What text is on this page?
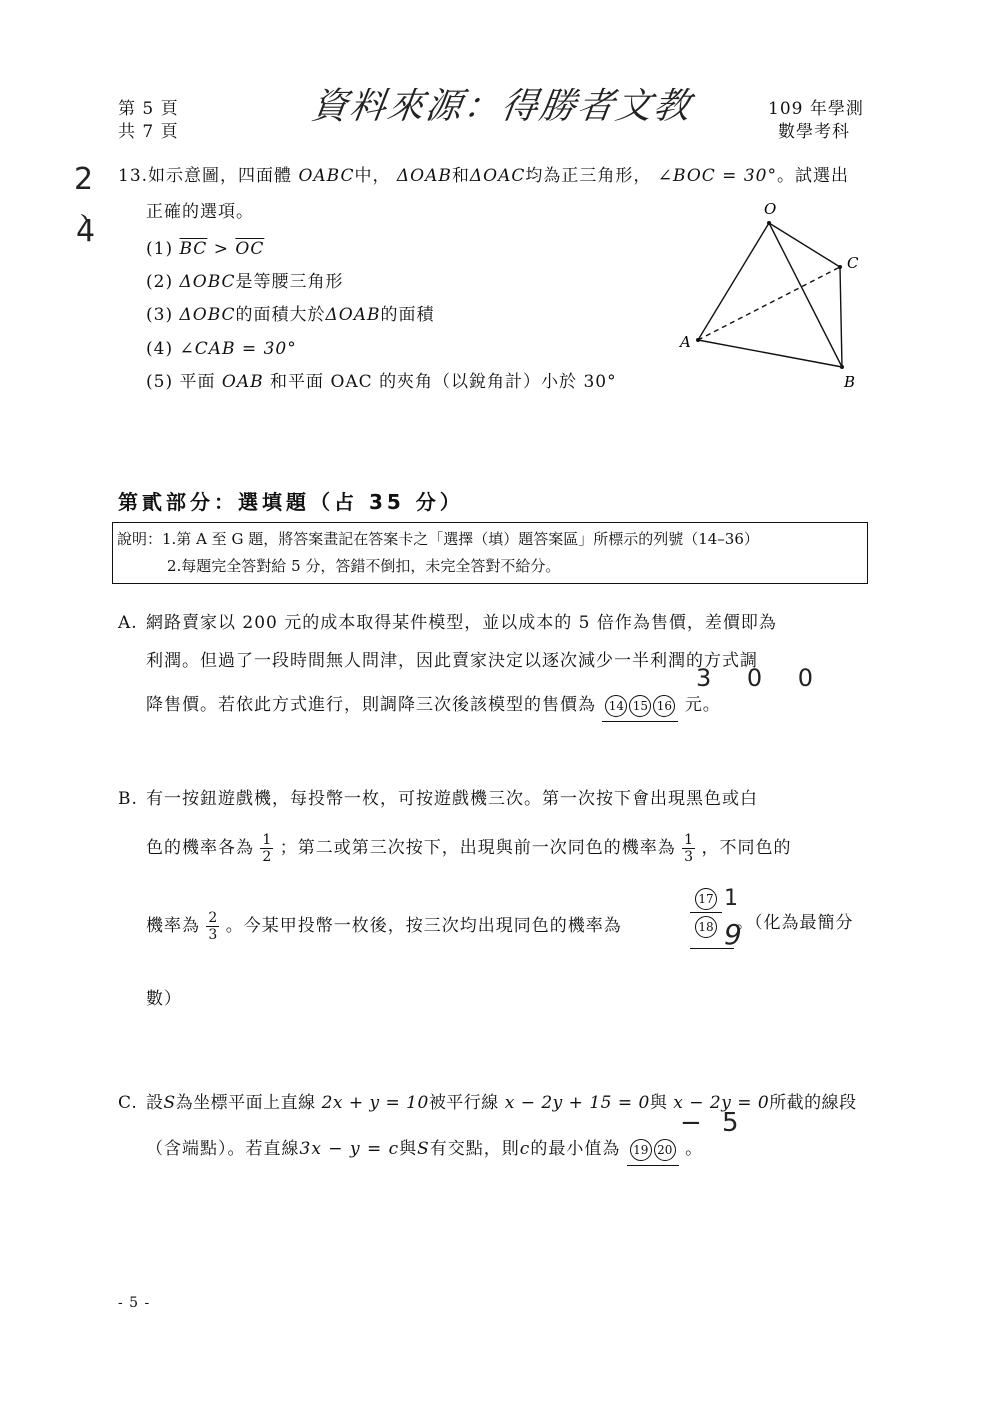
第 5 頁
共 7 頁
資料來源：得勝者文教	109 年學測
數學考科
2
、
4
13.如示意圖，四面體 OABC中， ΔOAB和ΔOAC均為正三角形， ∠BOC = 30°。試選出
正確的選項。
(1) $\overline{BC} > \overline{OC}$
(2) ΔOBC是等腰三角形
(3) ΔOBC的面積大於ΔOAB的面積
(4) ∠CAB = 30°
(5) 平面 OAB 和平面 OAC 的夾角（以銳角計）小於 30°
O
A
B
C
第貳部分：選填題（占 35 分）
說明：1.第 A 至 G 題，將答案畫記在答案卡之「選擇（填）題答案區」所標示的列號（14–36）
2.每題完全答對給 5 分，答錯不倒扣，未完全答對不給分。
A. 網路賣家以 200 元的成本取得某件模型，並以成本的 5 倍作為售價，差價即為
利潤。但過了一段時間無人問津，因此賣家決定以逐次減少一半利潤的方式調
3 0 0
降售價。若依此方式進行，則調降三次後該模型的售價為 14 15 16 元。
B. 有一按鈕遊戲機，每投幣一枚，可按遊戲機三次。第一次按下會出現黑色或白
色的機率各為 $\frac{1}{2}$ ；第二或第三次按下，出現與前一次同色的機率為 $\frac{1}{3}$ ，不同色的
機率為 $\frac{2}{3}$ 。今某甲投幣一枚後，按三次均出現同色的機率為
17
18
1
9
。（化為最簡分
數）
C. 設S為坐標平面上直線 2x + y = 10被平行線 x − 2y + 15 = 0與 x − 2y = 0所截的線段
− 5
（含端點）。若直線3x − y = c與S有交點，則c的最小值為 19 20 。
- 5 -
